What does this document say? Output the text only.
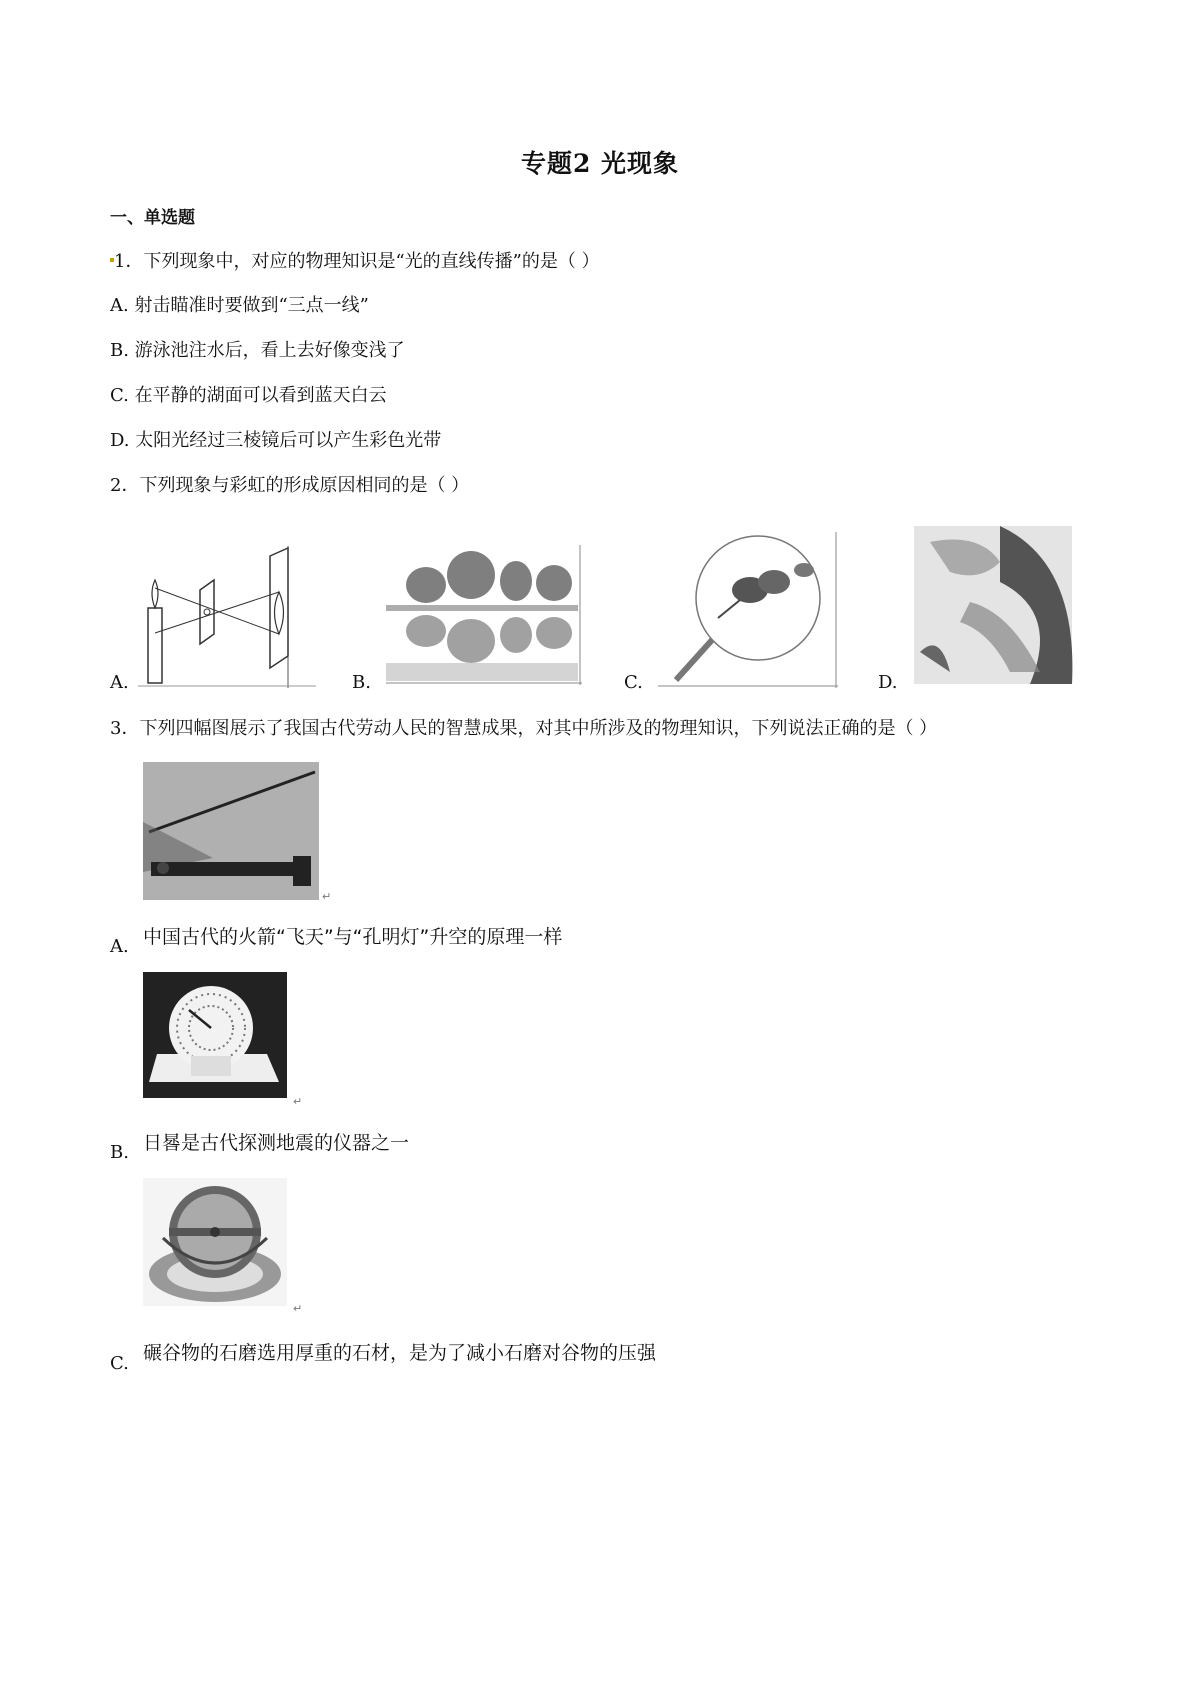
专题2 光现象
一、单选题
1．下列现象中，对应的物理知识是“光的直线传播”的是（ ）
A. 射击瞄准时要做到“三点一线”
B. 游泳池注水后，看上去好像变浅了
C. 在平静的湖面可以看到蓝天白云
D. 太阳光经过三棱镜后可以产生彩色光带
2．下列现象与彩虹的形成原因相同的是（ ）
A.	B.	C.	D.
3．下列四幅图展示了我国古代劳动人民的智慧成果，对其中所涉及的物理知识，下列说法正确的是（ ）
↵
A. 中国古代的火箭“飞天”与“孔明灯”升空的原理一样
↵
B. 日晷是古代探测地震的仪器之一
↵
C. 碾谷物的石磨选用厚重的石材，是为了减小石磨对谷物的压强
